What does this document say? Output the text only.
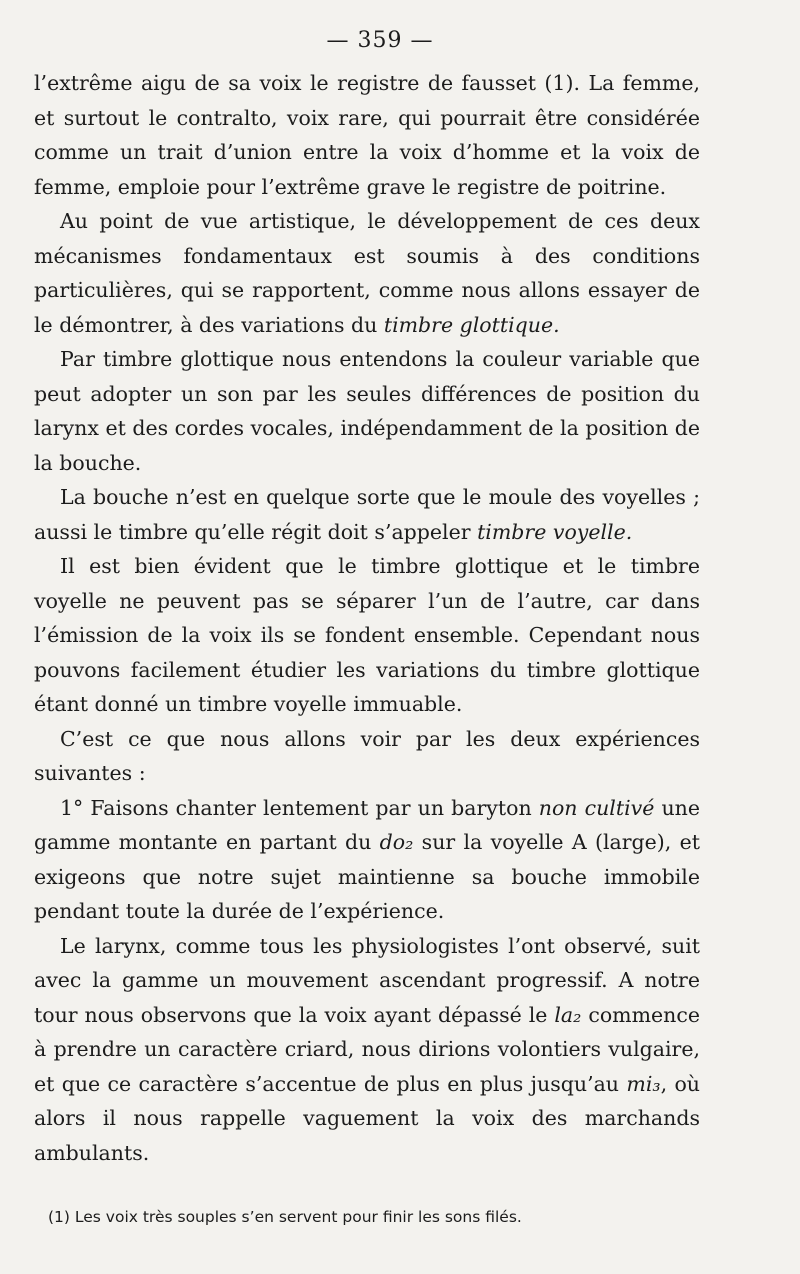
— 359 —

l’extrême aigu de sa voix le registre de fausset (1). La femme, et surtout le contralto, voix rare, qui pourrait être considérée comme un trait d’union entre la voix d’homme et la voix de femme, emploie pour l’extrême grave le registre de poitrine.

Au point de vue artistique, le développement de ces deux mécanismes fondamentaux est soumis à des conditions particulières, qui se rapportent, comme nous allons essayer de le démontrer, à des variations du timbre glottique.

Par timbre glottique nous entendons la couleur variable que peut adopter un son par les seules différences de position du larynx et des cordes vocales, indépendamment de la position de la bouche.

La bouche n’est en quelque sorte que le moule des voyelles ; aussi le timbre qu’elle régit doit s’appeler timbre voyelle.

Il est bien évident que le timbre glottique et le timbre voyelle ne peuvent pas se séparer l’un de l’autre, car dans l’émission de la voix ils se fondent ensemble. Cependant nous pouvons facilement étudier les variations du timbre glottique étant donné un timbre voyelle immuable.

C’est ce que nous allons voir par les deux expériences suivantes :

1° Faisons chanter lentement par un baryton non cultivé une gamme montante en partant du do₂ sur la voyelle A (large), et exigeons que notre sujet maintienne sa bouche immobile pendant toute la durée de l’expérience.

Le larynx, comme tous les physiologistes l’ont observé, suit avec la gamme un mouvement ascendant progressif. A notre tour nous observons que la voix ayant dépassé le la₂ commence à prendre un caractère criard, nous dirions volontiers vulgaire, et que ce caractère s’accentue de plus en plus jusqu’au mi₃, où alors il nous rappelle vaguement la voix des marchands ambulants.

(1) Les voix très souples s’en servent pour finir les sons filés.
